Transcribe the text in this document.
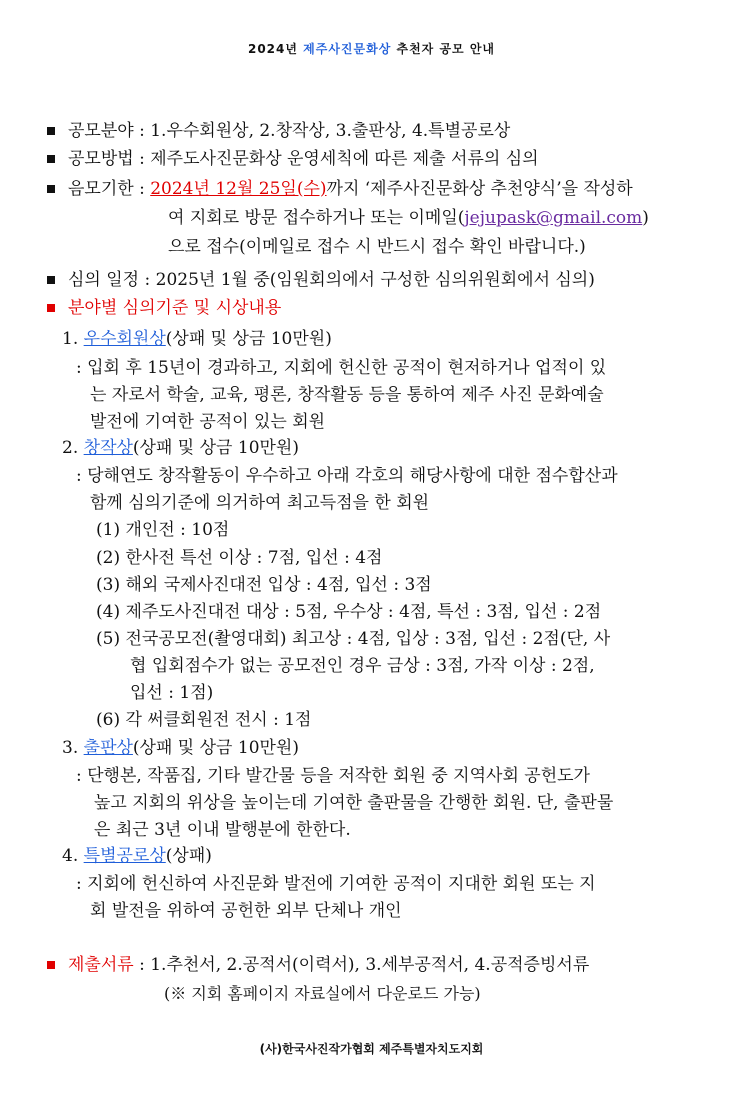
2024년 제주사진문화상 추천자 공모 안내
공모분야 : 1.우수회원상, 2.창작상, 3.출판상, 4.특별공로상
공모방법 : 제주도사진문화상 운영세칙에 따른 제출 서류의 심의
음모기한 : 2024년 12월 25일(수)까지 ‘제주사진문화상 추천양식’을 작성하
여 지회로 방문 접수하거나 또는 이메일(jejupask@gmail.com)
으로 접수(이메일로 접수 시 반드시 접수 확인 바랍니다.)
심의 일정 : 2025년 1월 중(임원회의에서 구성한 심의위원회에서 심의)
분야별 심의기준 및 시상내용
1. 우수회원상(상패 및 상금 10만원)
: 입회 후 15년이 경과하고, 지회에 헌신한 공적이 현저하거나 업적이 있
는 자로서 학술, 교육, 평론, 창작활동 등을 통하여 제주 사진 문화예술
발전에 기여한 공적이 있는 회원
2. 창작상(상패 및 상금 10만원)
: 당해연도 창작활동이 우수하고 아래 각호의 해당사항에 대한 점수합산과
함께 심의기준에 의거하여 최고득점을 한 회원
(1) 개인전 : 10점
(2) 한사전 특선 이상 : 7점, 입선 : 4점
(3) 해외 국제사진대전 입상 : 4점, 입선 : 3점
(4) 제주도사진대전 대상 : 5점, 우수상 : 4점, 특선 : 3점, 입선 : 2점
(5) 전국공모전(촬영대회) 최고상 : 4점, 입상 : 3점, 입선 : 2점(단, 사
협 입회점수가 없는 공모전인 경우 금상 : 3점, 가작 이상 : 2점,
입선 : 1점)
(6) 각 써클회원전 전시 : 1점
3. 출판상(상패 및 상금 10만원)
: 단행본, 작품집, 기타 발간물 등을 저작한 회원 중 지역사회 공헌도가
높고 지회의 위상을 높이는데 기여한 출판물을 간행한 회원. 단, 출판물
은 최근 3년 이내 발행분에 한한다.
4. 특별공로상(상패)
: 지회에 헌신하여 사진문화 발전에 기여한 공적이 지대한 회원 또는 지
회 발전을 위하여 공헌한 외부 단체나 개인
제출서류 : 1.추천서, 2.공적서(이력서), 3.세부공적서, 4.공적증빙서류
(※ 지회 홈페이지 자료실에서 다운로드 가능)
(사)한국사진작가협회 제주특별자치도지회
